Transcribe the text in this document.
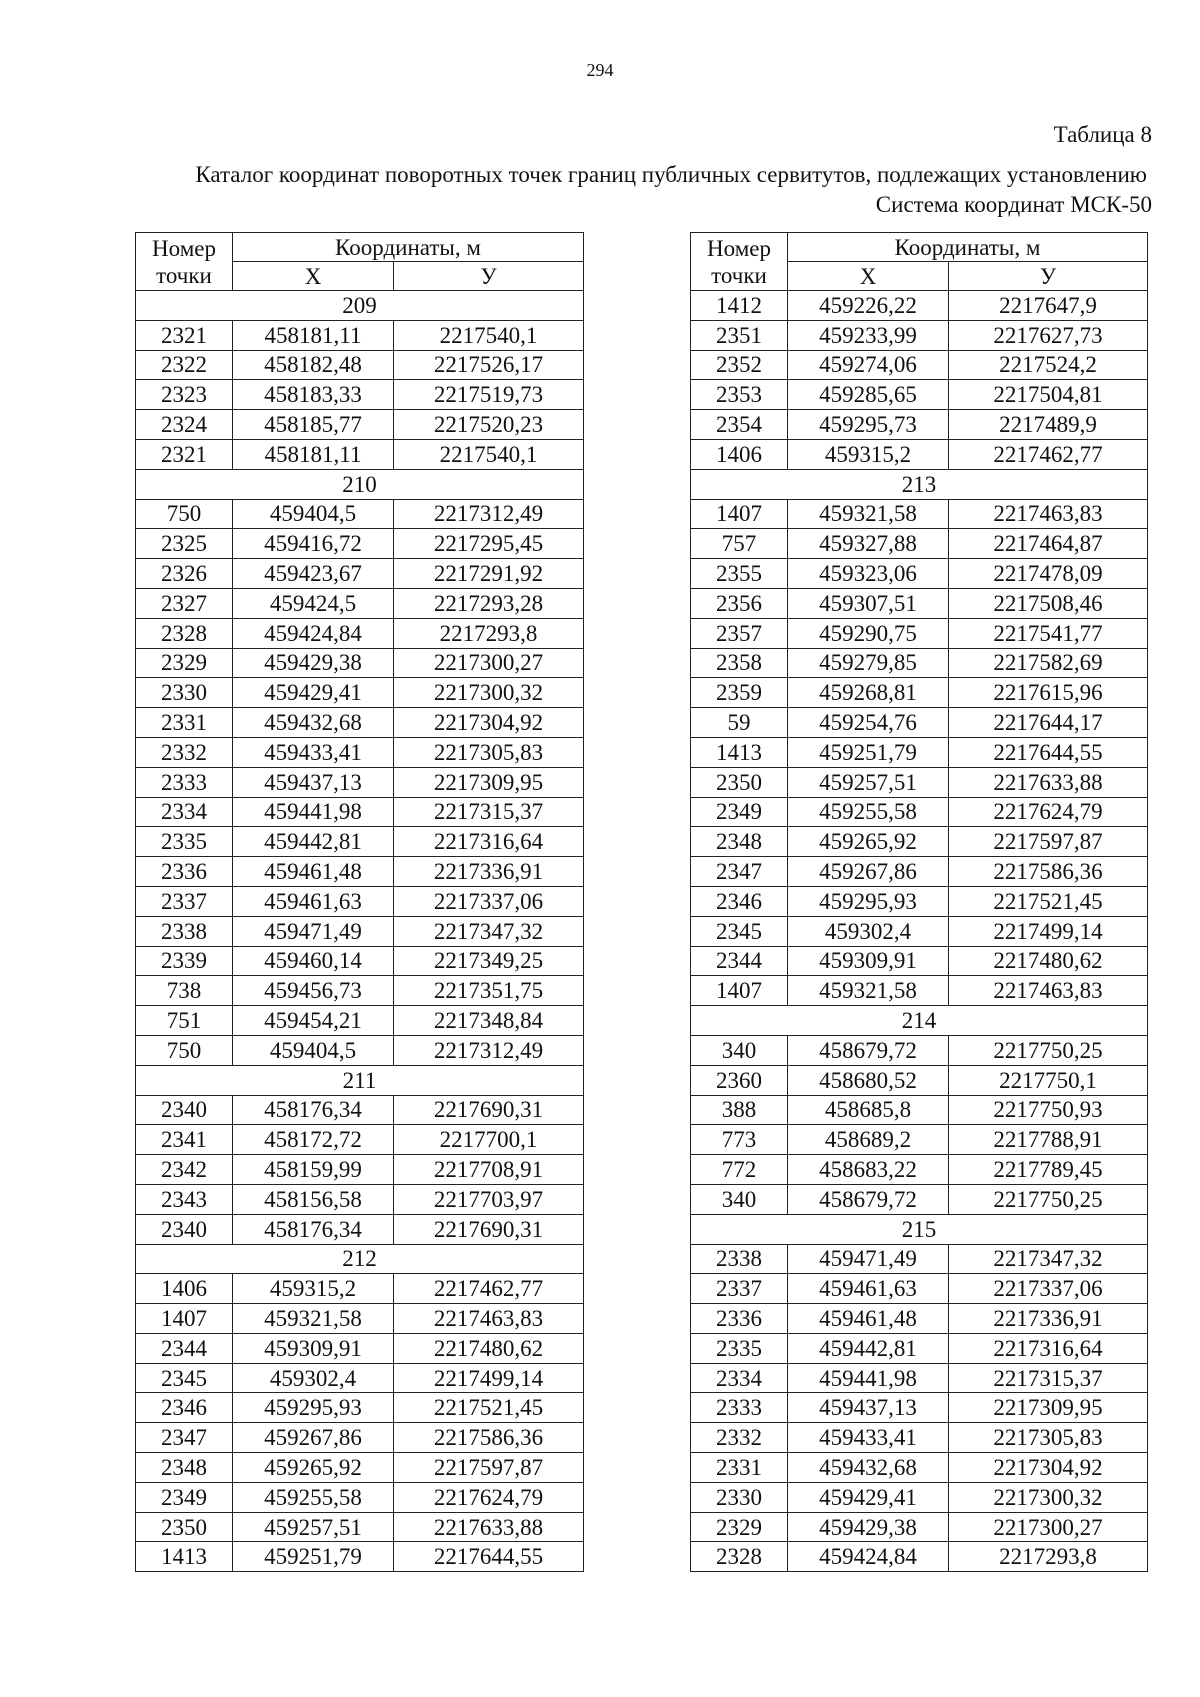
294
Таблица 8
Каталог координат поворотных точек границ публичных сервитутов, подлежащих установлению
Система координат МСК-50
Номер
точки	Координаты, м	
	X	У
209		
2321	458181,11	2217540,1
2322	458182,48	2217526,17
2323	458183,33	2217519,73
2324	458185,77	2217520,23
2321	458181,11	2217540,1
210		
750	459404,5	2217312,49
2325	459416,72	2217295,45
2326	459423,67	2217291,92
2327	459424,5	2217293,28
2328	459424,84	2217293,8
2329	459429,38	2217300,27
2330	459429,41	2217300,32
2331	459432,68	2217304,92
2332	459433,41	2217305,83
2333	459437,13	2217309,95
2334	459441,98	2217315,37
2335	459442,81	2217316,64
2336	459461,48	2217336,91
2337	459461,63	2217337,06
2338	459471,49	2217347,32
2339	459460,14	2217349,25
738	459456,73	2217351,75
751	459454,21	2217348,84
750	459404,5	2217312,49
211		
2340	458176,34	2217690,31
2341	458172,72	2217700,1
2342	458159,99	2217708,91
2343	458156,58	2217703,97
2340	458176,34	2217690,31
212		
1406	459315,2	2217462,77
1407	459321,58	2217463,83
2344	459309,91	2217480,62
2345	459302,4	2217499,14
2346	459295,93	2217521,45
2347	459267,86	2217586,36
2348	459265,92	2217597,87
2349	459255,58	2217624,79
2350	459257,51	2217633,88
1413	459251,79	2217644,55
Номер
точки	Координаты, м	
	X	У
1412	459226,22	2217647,9
2351	459233,99	2217627,73
2352	459274,06	2217524,2
2353	459285,65	2217504,81
2354	459295,73	2217489,9
1406	459315,2	2217462,77
213		
1407	459321,58	2217463,83
757	459327,88	2217464,87
2355	459323,06	2217478,09
2356	459307,51	2217508,46
2357	459290,75	2217541,77
2358	459279,85	2217582,69
2359	459268,81	2217615,96
59	459254,76	2217644,17
1413	459251,79	2217644,55
2350	459257,51	2217633,88
2349	459255,58	2217624,79
2348	459265,92	2217597,87
2347	459267,86	2217586,36
2346	459295,93	2217521,45
2345	459302,4	2217499,14
2344	459309,91	2217480,62
1407	459321,58	2217463,83
214		
340	458679,72	2217750,25
2360	458680,52	2217750,1
388	458685,8	2217750,93
773	458689,2	2217788,91
772	458683,22	2217789,45
340	458679,72	2217750,25
215		
2338	459471,49	2217347,32
2337	459461,63	2217337,06
2336	459461,48	2217336,91
2335	459442,81	2217316,64
2334	459441,98	2217315,37
2333	459437,13	2217309,95
2332	459433,41	2217305,83
2331	459432,68	2217304,92
2330	459429,41	2217300,32
2329	459429,38	2217300,27
2328	459424,84	2217293,8
